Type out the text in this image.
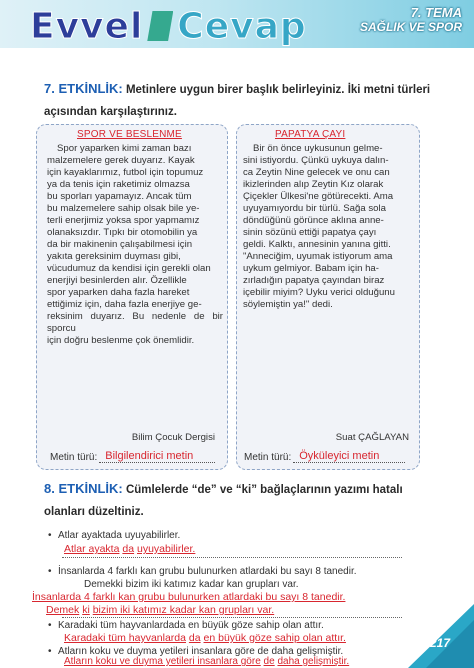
Evvel Cevap	7. TEMA
SAĞLIK VE SPOR
7. ETKİNLİK: Metinlere uygun birer başlık belirleyiniz. İki metni türleri
açısından karşılaştırınız.
SPOR VE BESLENME
Spor yaparken kimi zaman bazı
malzemelere gerek duyarız. Kayak
için kayaklarımız, futbol için topumuz
ya da tenis için raketimiz olmazsa
bu sporları yapamayız. Ancak tüm
bu malzemelere sahip olsak bile ye-
terli enerjimiz yoksa spor yapmamız
olanaksızdır. Tıpkı bir otomobilin ya
da bir makinenin çalışabilmesi için
yakıta gereksinim duyması gibi,
vücudumuz da kendisi için gerekli olan
enerjiyi besinlerden alır. Özellikle
spor yaparken daha fazla hareket
ettiğimiz için, daha fazla enerjiye ge-
reksinim duyarız. Bu nedenle de bir sporcu
için doğru beslenme çok önemlidir.
Bilim Çocuk Dergisi
PAPATYA ÇAYI
Bir ön önce uykusunun gelme-
sini istiyordu. Çünkü uykuya dalın-
ca Zeytin Nine gelecek ve onu can
ikizlerinden alıp Zeytin Kız olarak
Çiçekler Ülkesi'ne götürecekti. Ama
uyuyamıyordu bir türlü. Sağa sola
döndüğünü görünce aklına anne-
sinin sözünü ettiği papatya çayı
geldi. Kalktı, annesinin yanına gitti.
"Anneciğim, uyumak istiyorum ama
uykum gelmiyor. Babam için ha-
zırladığın papatya çayından biraz
içebilir miyim? Uyku verici olduğunu
söylemiştin ya!" dedi.
Suat ÇAĞLAYAN
Metin türü: Bilgilendirici metin	Metin türü: Öyküleyici metin
8. ETKİNLİK: Cümlelerde “de” ve “ki” bağlaçlarının yazımı hatalı
olanları düzeltiniz.
• Atlar ayaktada uyuyabilirler.
Atlar ayakta da uyuyabilirler.
• İnsanlarda 4 farklı kan grubu bulunurken atlardaki bu sayı 8 tanedir.
Demekki bizim iki katımız kadar kan grupları var.
İnsanlarda 4 farklı kan grubu bulunurken atlardaki bu sayı 8 tanedir.
Demek ki bizim iki katımız kadar kan grupları var.
• Karadaki tüm hayvanlardada en büyük göze sahip olan attır.
Karadaki tüm hayvanlarda da en büyük göze sahip olan attır.
• Atların koku ve duyma yetileri insanlara göre de daha gelişmiştir.
Atların koku ve duyma yetileri insanlara göre de daha gelişmiştir.
217
